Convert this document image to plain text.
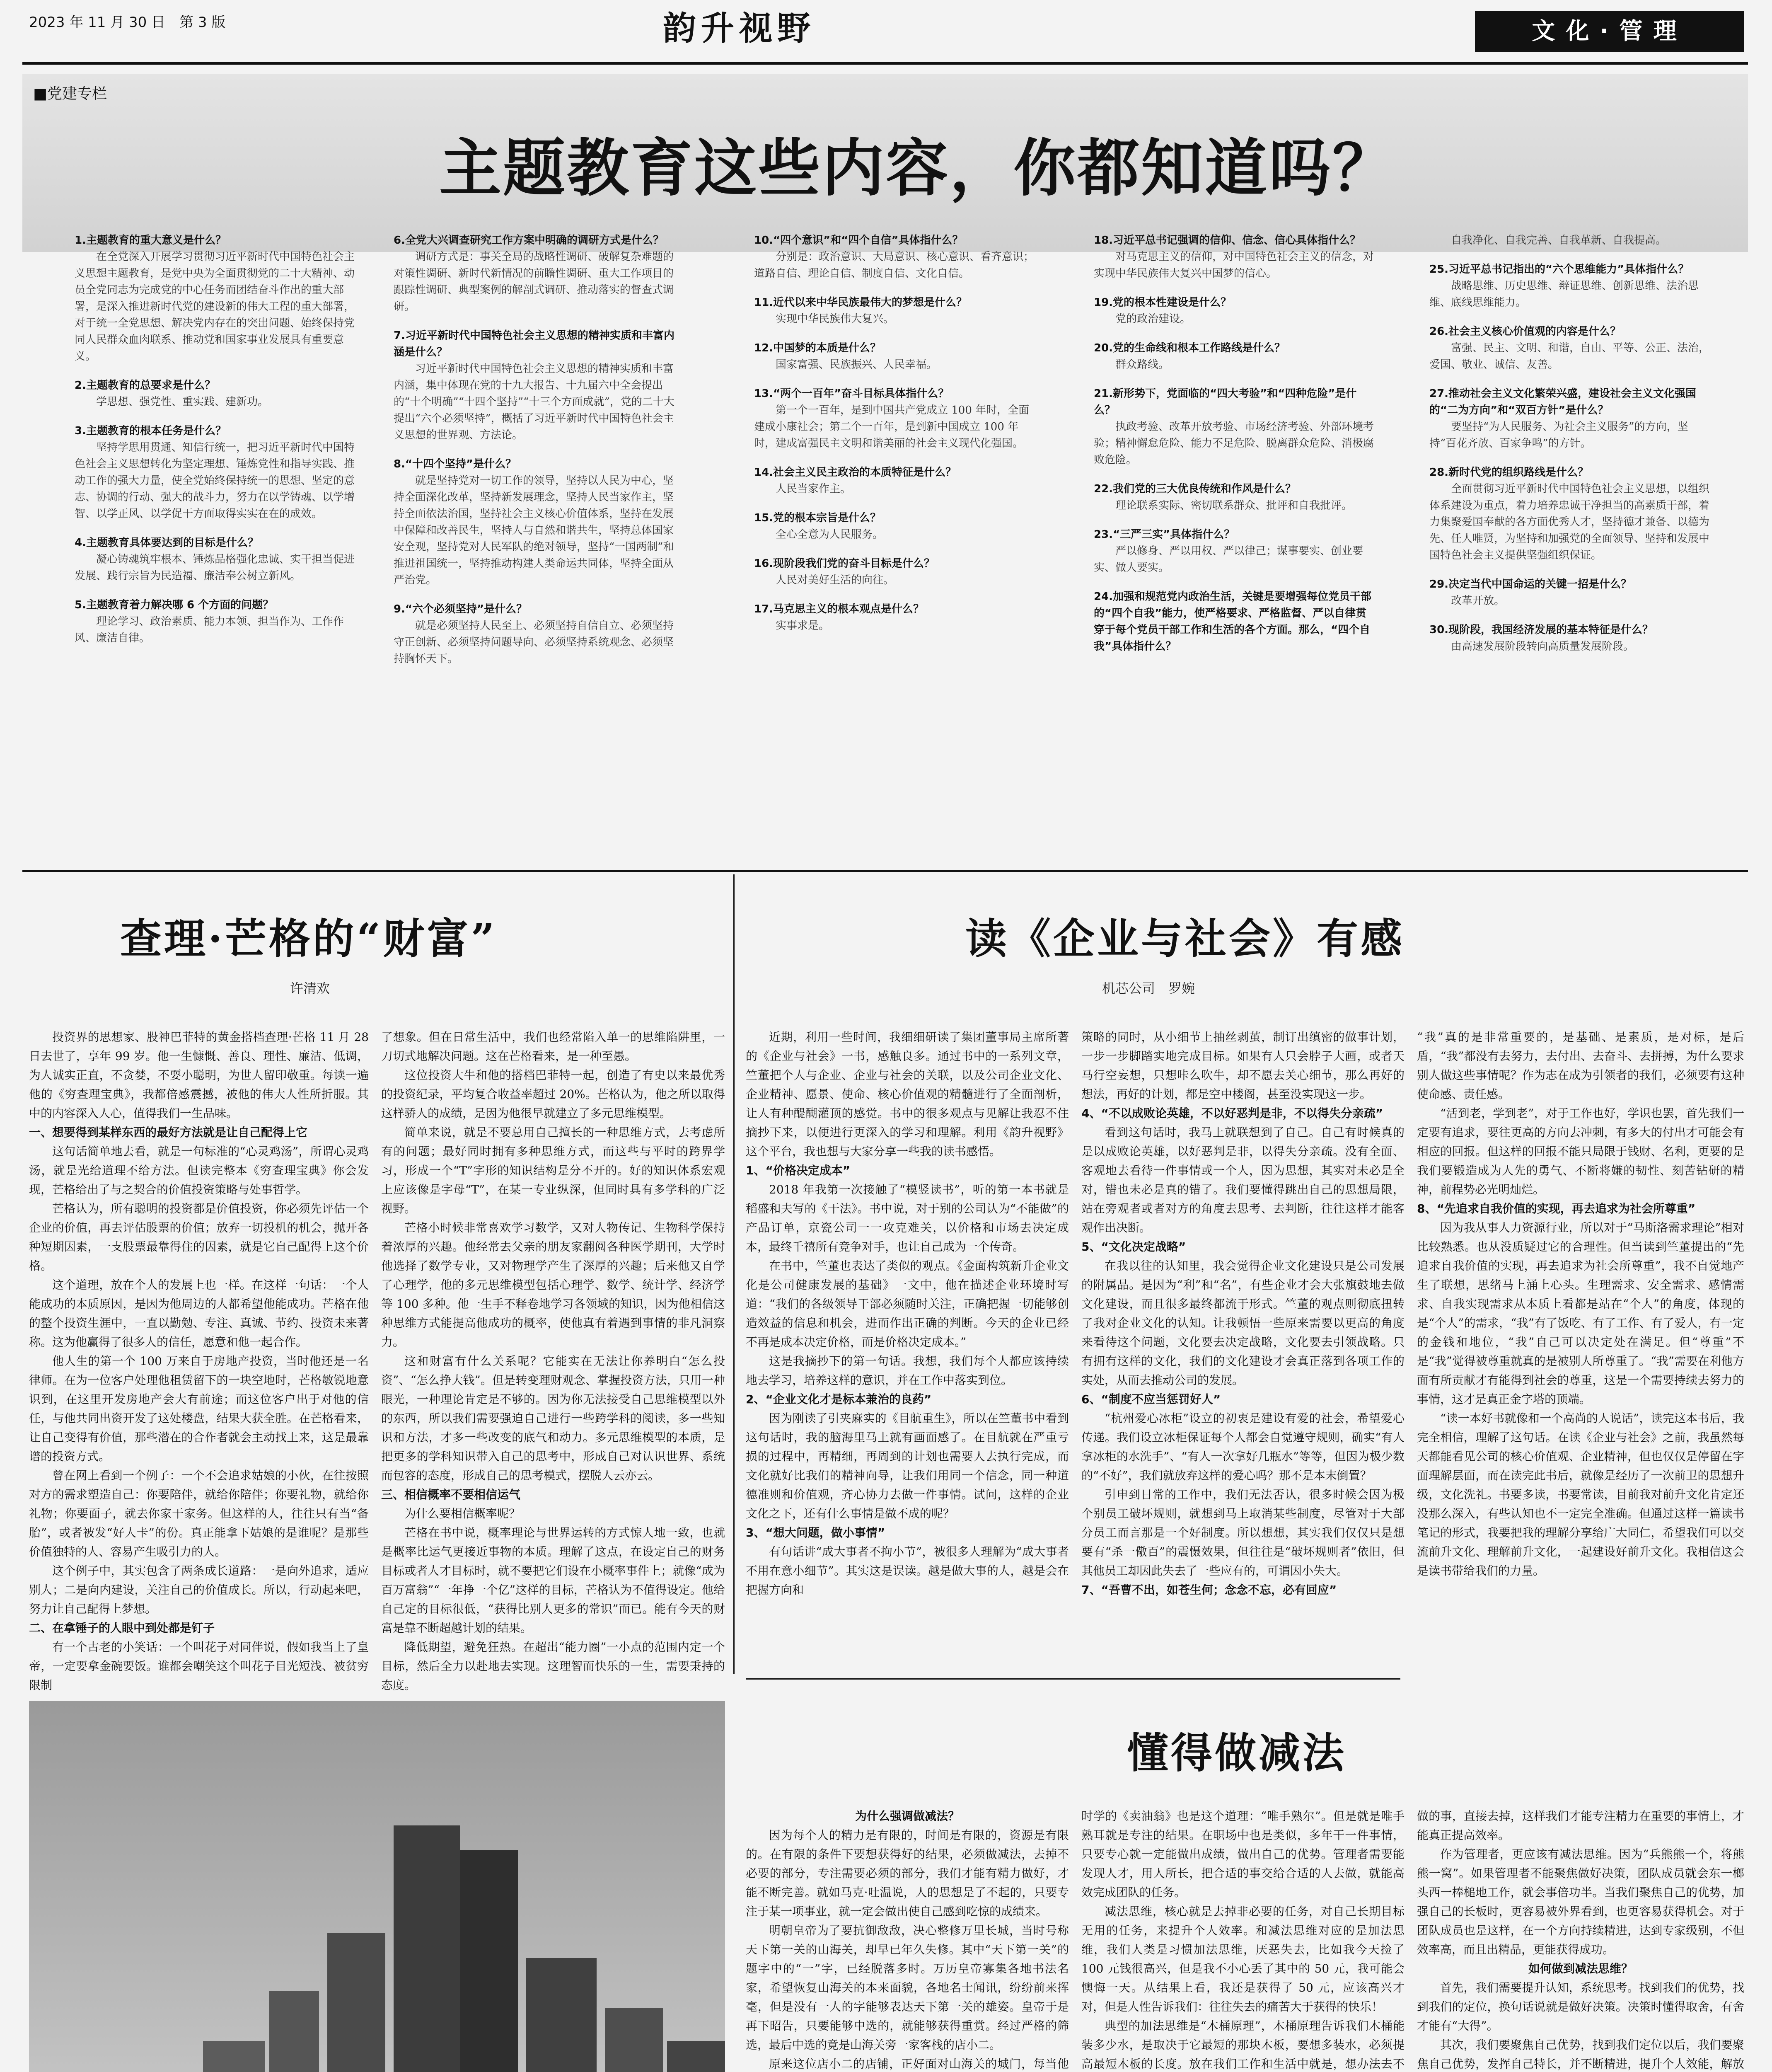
2023 年 11 月 30 日　第 3 版	韵升视野	文化·管理
■党建专栏
主题教育这些内容，你都知道吗？
1.主题教育的重大意义是什么？
在全党深入开展学习贯彻习近平新时代中国特色社会主义思想主题教育，是党中央为全面贯彻党的二十大精神、动员全党同志为完成党的中心任务而团结奋斗作出的重大部署，是深入推进新时代党的建设新的伟大工程的重大部署，对于统一全党思想、解决党内存在的突出问题、始终保持党同人民群众血肉联系、推动党和国家事业发展具有重要意义。
2.主题教育的总要求是什么？
学思想、强党性、重实践、建新功。
3.主题教育的根本任务是什么？
坚持学思用贯通、知信行统一，把习近平新时代中国特色社会主义思想转化为坚定理想、锤炼党性和指导实践、推动工作的强大力量，使全党始终保持统一的思想、坚定的意志、协调的行动、强大的战斗力，努力在以学铸魂、以学增智、以学正风、以学促干方面取得实实在在的成效。
4.主题教育具体要达到的目标是什么？
凝心铸魂筑牢根本、锤炼品格强化忠诚、实干担当促进发展、践行宗旨为民造福、廉洁奉公树立新风。
5.主题教育着力解决哪 6 个方面的问题？
理论学习、政治素质、能力本领、担当作为、工作作风、廉洁自律。
6.全党大兴调查研究工作方案中明确的调研方式是什么？
调研方式是：事关全局的战略性调研、破解复杂难题的对策性调研、新时代新情况的前瞻性调研、重大工作项目的跟踪性调研、典型案例的解剖式调研、推动落实的督查式调研。
7.习近平新时代中国特色社会主义思想的精神实质和丰富内涵是什么？
习近平新时代中国特色社会主义思想的精神实质和丰富内涵，集中体现在党的十九大报告、十九届六中全会提出的“十个明确”“十四个坚持”“十三个方面成就”，党的二十大提出“六个必须坚持”，概括了习近平新时代中国特色社会主义思想的世界观、方法论。
8.“十四个坚持”是什么？
就是坚持党对一切工作的领导，坚持以人民为中心，坚持全面深化改革，坚持新发展理念，坚持人民当家作主，坚持全面依法治国，坚持社会主义核心价值体系，坚持在发展中保障和改善民生，坚持人与自然和谐共生，坚持总体国家安全观，坚持党对人民军队的绝对领导，坚持“一国两制”和推进祖国统一，坚持推动构建人类命运共同体，坚持全面从严治党。
9.“六个必须坚持”是什么？
就是必须坚持人民至上、必须坚持自信自立、必须坚持守正创新、必须坚持问题导向、必须坚持系统观念、必须坚持胸怀天下。
10.“四个意识”和“四个自信”具体指什么？
分别是：政治意识、大局意识、核心意识、看齐意识；道路自信、理论自信、制度自信、文化自信。
11.近代以来中华民族最伟大的梦想是什么？
实现中华民族伟大复兴。
12.中国梦的本质是什么？
国家富强、民族振兴、人民幸福。
13.“两个一百年”奋斗目标具体指什么？
第一个一百年，是到中国共产党成立 100 年时，全面建成小康社会；第二个一百年，是到新中国成立 100 年时，建成富强民主文明和谐美丽的社会主义现代化强国。
14.社会主义民主政治的本质特征是什么？
人民当家作主。
15.党的根本宗旨是什么？
全心全意为人民服务。
16.现阶段我们党的奋斗目标是什么？
人民对美好生活的向往。
17.马克思主义的根本观点是什么？
实事求是。
18.习近平总书记强调的信仰、信念、信心具体指什么？
对马克思主义的信仰，对中国特色社会主义的信念，对实现中华民族伟大复兴中国梦的信心。
19.党的根本性建设是什么？
党的政治建设。
20.党的生命线和根本工作路线是什么？
群众路线。
21.新形势下，党面临的“四大考验”和“四种危险”是什么？
执政考验、改革开放考验、市场经济考验、外部环境考验；精神懈怠危险、能力不足危险、脱离群众危险、消极腐败危险。
22.我们党的三大优良传统和作风是什么？
理论联系实际、密切联系群众、批评和自我批评。
23.“三严三实”具体指什么？
严以修身、严以用权、严以律己；谋事要实、创业要实、做人要实。
24.加强和规范党内政治生活，关键是要增强每位党员干部的“四个自我”能力，使严格要求、严格监督、严以自律贯穿于每个党员干部工作和生活的各个方面。那么，“四个自我”具体指什么？
自我净化、自我完善、自我革新、自我提高。
25.习近平总书记指出的“六个思维能力”具体指什么？
战略思维、历史思维、辩证思维、创新思维、法治思维、底线思维能力。
26.社会主义核心价值观的内容是什么？
富强、民主、文明、和谐，自由、平等、公正、法治，爱国、敬业、诚信、友善。
27.推动社会主义文化繁荣兴盛，建设社会主义文化强国的“二为方向”和“双百方针”是什么？
要坚持“为人民服务、为社会主义服务”的方向，坚持“百花齐放、百家争鸣”的方针。
28.新时代党的组织路线是什么？
全面贯彻习近平新时代中国特色社会主义思想，以组织体系建设为重点，着力培养忠诚干净担当的高素质干部，着力集聚爱国奉献的各方面优秀人才，坚持德才兼备、以德为先、任人唯贤，为坚持和加强党的全面领导、坚持和发展中国特色社会主义提供坚强组织保证。
29.决定当代中国命运的关键一招是什么？
改革开放。
30.现阶段，我国经济发展的基本特征是什么？
由高速发展阶段转向高质量发展阶段。
查理·芒格的“财富”
许清欢

投资界的思想家、股神巴菲特的黄金搭档查理·芒格 11 月 28 日去世了，享年 99 岁。他一生慷慨、善良、理性、廉洁、低调，为人诚实正直，不贪婪，不耍小聪明，为世人留印敬重。每读一遍他的《穷查理宝典》，我都倍感震撼，被他的伟大人性所折服。其中的内容深入人心，值得我们一生品味。

一、想要得到某样东西的最好方法就是让自己配得上它

这句话简单地去看，就是一句标准的“心灵鸡汤”，所谓心灵鸡汤，就是光给道理不给方法。但读完整本《穷查理宝典》你会发现，芒格给出了与之契合的价值投资策略与处事哲学。

芒格认为，所有聪明的投资都是价值投资，你必须先评估一个企业的价值，再去评估股票的价值；放弃一切投机的机会，抛开各种短期因素，一支股票最靠得住的因素，就是它自己配得上这个价格。

这个道理，放在个人的发展上也一样。在这样一句话：一个人能成功的本质原因，是因为他周边的人都希望他能成功。芒格在他的整个投资生涯中，一直以勤勉、专注、真诚、节约、投资未来著称。这为他赢得了很多人的信任，愿意和他一起合作。

他人生的第一个 100 万来自于房地产投资，当时他还是一名律师。在为一位客户处理他租赁留下的一块空地时，芒格敏锐地意识到，在这里开发房地产会大有前途；而这位客户出于对他的信任，与他共同出资开发了这处楼盘，结果大获全胜。在芒格看来，让自己变得有价值，那些潜在的合作者就会主动找上来，这是最靠谱的投资方式。

曾在网上看到一个例子：一个不会追求姑娘的小伙，在往按照对方的需求塑造自己：你要陪伴，就给你陪伴；你要礼物，就给你礼物；你要面子，就去你家干家务。但这样的人，往往只有当“备胎”，或者被发“好人卡”的份。真正能拿下姑娘的是谁呢？是那些价值独特的人、容易产生吸引力的人。

这个例子中，其实包含了两条成长道路：一是向外追求，适应别人；二是向内建设，关注自己的价值成长。所以，行动起来吧，努力让自己配得上梦想。

二、在拿锤子的人眼中到处都是钉子

有一个古老的小笑话：一个叫花子对同伴说，假如我当上了皇帝，一定要拿金碗要饭。谁都会嘲笑这个叫花子目光短浅、被贫穷限制

了想象。但在日常生活中，我们也经常陷入单一的思维陷阱里，一刀切式地解决问题。这在芒格看来，是一种至愚。

这位投资大牛和他的搭档巴菲特一起，创造了有史以来最优秀的投资纪录，平均复合收益率超过 20%。芒格认为，他之所以取得这样骄人的成绩，是因为他很早就建立了多元思维模型。

简单来说，就是不要总用自己擅长的一种思维方式，去考虑所有的问题；最好同时拥有多种思维方式，而这些与平时的跨界学习，形成一个“T”字形的知识结构是分不开的。好的知识体系宏观上应该像是字母“T”，在某一专业纵深，但同时具有多学科的广泛视野。

芒格小时候非常喜欢学习数学，又对人物传记、生物科学保持着浓厚的兴趣。他经常去父亲的朋友家翻阅各种医学期刊，大学时他选择了数学专业，又对物理学产生了深厚的兴趣；后来他又自学了心理学，他的多元思维模型包括心理学、数学、统计学、经济学等 100 多种。他一生手不释卷地学习各领域的知识，因为他相信这种思维方式能提高他成功的概率，使他真有着遇到事情的非凡洞察力。

这和财富有什么关系呢？它能实在无法让你养明白“怎么投资”、“怎么挣大钱”。但是转变理财观念、掌握投资方法，只用一种眼光，一种理论肯定是不够的。因为你无法接受自己思维模型以外的东西，所以我们需要强迫自己进行一些跨学科的阅读，多一些知识和方法，才多一些改变的底气和动力。多元思维模型的本质，是把更多的学科知识带入自己的思考中，形成自己对认识世界、系统而包容的态度，形成自己的思考模式，摆脱人云亦云。

三、相信概率不要相信运气

为什么要相信概率呢？

芒格在书中说，概率理论与世界运转的方式惊人地一致，也就是概率比运气更接近事物的本质。理解了这点，在设定自己的财务目标或者人才目标时，就不要把它们设在小概率事件上；就像“成为百万富翁”“一年挣一个亿”这样的目标，芒格认为不值得设定。他给自己定的目标很低，“获得比别人更多的常识”而已。能有今天的财富是靠不断超越计划的结果。

降低期望，避免狂热。在超出“能力圈”一小点的范围内定一个目标，然后全力以赴地去实现。这理智而快乐的一生，需要秉持的态度。

读《企业与社会》有感
机芯公司　罗婉

近期，利用一些时间，我细细研读了集团董事局主席所著的《企业与社会》一书，感触良多。通过书中的一系列文章，竺董把个人与企业、企业与社会的关联，以及公司企业文化、企业精神、愿景、使命、核心价值观的精髓进行了全面剖析，让人有种醍醐灌顶的感觉。书中的很多观点与见解让我忍不住摘抄下来，以便进行更深入的学习和理解。利用《韵升视野》这个平台，我也想与大家分享一些我的读书感悟。

1、“价格决定成本”

2018 年我第一次接触了“模竖读书”，听的第一本书就是稻盛和夫写的《干法》。书中说，对于别的公司认为“不能做”的产品订单，京瓷公司一一攻克难关，以价格和市场去决定成本，最终千禧所有竞争对手，也让自己成为一个传奇。

在书中，竺董也表达了类似的观点。《金面构筑新升企业文化是公司健康发展的基础》一文中，他在描述企业环境时写道：“我们的各级领导干部必须随时关注，正确把握一切能够创造效益的信息和机会，进而作出正确的判断。今天的企业已经不再是成本决定价格，而是价格决定成本。”

这是我摘抄下的第一句话。我想，我们每个人都应该持续地去学习，培养这样的意识，并在工作中落实到位。

2、“企业文化才是标本兼治的良药”

因为刚读了引夹麻实的《目航重生》，所以在竺董书中看到这句话时，我的脑海里马上就有画面感了。在目航就在严重亏损的过程中，再精细，再周到的计划也需要人去执行完成，而文化就好比我们的精神向导，让我们用同一个信念，同一种道德准则和价值观，齐心协力去做一件事情。试问，这样的企业文化之下，还有什么事情是做不成的呢？

3、“想大问题，做小事情”

有句话讲“成大事者不拘小节”，被很多人理解为“成大事者不用在意小细节”。其实这是误读。越是做大事的人，越是会在把握方向和

策略的同时，从小细节上抽丝剥茧，制订出缜密的做事计划，一步一步脚踏实地完成目标。如果有人只会脖子大画，或者天马行空妄想，只想咔么吹牛，却不愿去关心细节，那么再好的想法，再好的计划，都是空中楼阁，甚至没实现这一步。

4、“不以成败论英雄，不以好恶判是非，不以得失分亲疏”

看到这句话时，我马上就联想到了自己。自己有时候真的是以成败论英雄，以好恶判是非，以得失分亲疏。没有全面、客观地去看待一件事情或一个人，因为思想，其实对未必是全对，错也未必是真的错了。我们要懂得跳出自己的思想局限，站在旁观者或者对方的角度去思考、去判断，往往这样才能客观作出决断。

5、“文化决定战略”

在我以往的认知里，我会觉得企业文化建设只是公司发展的附属品。是因为“利”和“名”，有些企业才会大张旗鼓地去做文化建设，而且很多最终都流于形式。竺董的观点则彻底扭转了我对企业文化的认知。让我顿悟一些原来需要以更高的角度来看待这个问题，文化要去决定战略，文化要去引领战略。只有拥有这样的文化，我们的文化建设才会真正落到各项工作的实处，从而去推动公司的发展。

6、“制度不应当惩罚好人”

“杭州爱心冰柜”设立的初衷是建设有爱的社会，希望爱心传递。我们设立冰柜保证每个人都会自觉遵守规则，确实“有人拿冰柜的水洗手”、“有人一次拿好几瓶水”等等，但因为极少数的“不好”，我们就放弃这样的爱心吗？那不是本末倒置？

引申到日常的工作中，我们无法否认，很多时候会因为极个别员工破坏规则，就想到马上取消某些制度，尽管对于大部分员工而言那是一个好制度。所以想想，其实我们仅仅只是想要有“杀一儆百”的震慑效果，但往往是“破坏规则者”依旧，但其他员工却因此失去了一些应有的，可谓因小失大。

7、“吾曹不出，如苍生何；念念不忘，必有回应”

“我”真的是非常重要的，是基础、是素质，是对标，是后盾，“我”都没有去努力，去付出、去奋斗、去拼搏，为什么要求别人做这些事情呢？作为志在成为引领者的我们，必须要有这种使命感、责任感。

“活到老，学到老”，对于工作也好，学识也罢，首先我们一定要有追求，要往更高的方向去冲刺，有多大的付出才可能会有相应的回报。但这样的回报不能只局限于钱财、名利，更要的是我们要锻造成为人先的勇气、不断将嫌的韧性、刻苦钻研的精神，前程势必光明灿烂。

8、“先追求自我价值的实现，再去追求为社会所尊重”

因为我从事人力资源行业，所以对于“马斯洛需求理论”相对比较熟悉。也从没质疑过它的合理性。但当读到竺董提出的“先追求自我价值的实现，再去追求为社会所尊重”，我不自觉地产生了联想，思绪马上涌上心头。生理需求、安全需求、感情需求、自我实现需求从本质上看都是站在“个人”的角度，体现的是“个人”的需求，“我”有了饭吃、有了工作、有了爱人，有一定的金钱和地位，“我”自己可以决定处在满足。但“尊重”不是“我”觉得被尊重就真的是被别人所尊重了。“我”需要在利他方面有所贡献才有能得到社会的尊重，这是一个需要持续去努力的事情，这才是真正金字塔的顶端。

“读一本好书就像和一个高尚的人说话”，读完这本书后，我完全相信，理解了这句话。在读《企业与社会》之前，我虽然每天都能看见公司的核心价值观、企业精神，但也仅仅是停留在字面理解层面，而在读完此书后，就像是经历了一次前卫的思想升级，文化洗礼。书要多读，书要常读，目前我对前升文化肯定还没那么深入，有些认知也不一定完全准确。但通过这样一篇读书笔记的形式，我要把我的理解分享给广大同仁，希望我们可以交流前升文化、理解前升文化，一起建设好前升文化。我相信这会是读书带给我们的力量。

懂得做减法

为什么强调做减法？

因为每个人的精力是有限的，时间是有限的，资源是有限的。在有限的条件下要想获得好的结果，必须做减法，去掉不必要的部分，专注需要必须的部分，我们才能有精力做好，才能不断完善。就如马克·吐温说，人的思想是了不起的，只要专注于某一项事业，就一定会做出使自己感到吃惊的成绩来。

明朝皇帝为了要抗御敌敌，决心整修万里长城，当时号称天下第一关的山海关，却早已年久失修。其中“天下第一关”的题字中的“一”字，已经脱落多时。万历皇帝寡集各地书法名家，希望恢复山海关的本来面貌，各地名士闻讯，纷纷前来挥毫，但是没有一人的字能够表达天下第一关的雄姿。皇帝于是再下昭告，只要能够中选的，就能够获得重赏。经过严格的筛选，最后中选的竟是山海关旁一家客栈的店小二。

原来这位店小二的店铺，正好面对山海关的城门，每当他

时学的《卖油翁》也是这个道理：“唯手熟尔”。但是就是唯手熟耳就是专注的结果。在职场中也是类似，多年干一件事情，只要专心就一定能做出成绩，做出自己的优势。管理者需要能发现人才，用人所长，把合适的事交给合适的人去做，就能高效完成团队的任务。

减法思维，核心就是去掉非必要的任务，对自己长期目标无用的任务，来提升个人效率。和减法思维对应的是加法思维，我们人类是习惯加法思维，厌恶失去，比如我今天捡了 100 元钱很高兴，但是我不小心丢了其中的 50 元，我可能会懊悔一天。从结果上看，我还是获得了 50 元，应该高兴才对，但是人性告诉我们：往往失去的痛苦大于获得的快乐！

典型的加法思维是“木桶原理”，木桶原理告诉我们木桶能装多少水，是取决于它最短的那块木板，要想多装水，必须提高最短木板的长度。放在我们工作和生活中就是，想办法去不

做的事，直接去掉，这样我们才能专注精力在重要的事情上，才能真正提高效率。

作为管理者，更应该有减法思维。因为“兵熊熊一个，将熊熊一窝”。如果管理者不能聚焦做好决策，团队成员就会东一榔头西一棒槌地工作，就会事倍功半。当我们聚焦自己的优势，加强自己的长板时，更容易被外界看到，也更容易获得机会。对于团队成员也是这样，在一个方向持续精进，达到专家级别，不但效率高，而且出精品，更能获得成功。

如何做到减法思维？

首先，我们需要提升认知，系统思考。找到我们的优势，找到我们的定位，换句话说就是做好决策。决策时懂得取舍，有舍才能有“大得”。

其次，我们要聚焦自己优势，找到我们定位以后，我们要聚焦自己优势，发挥自己特长，并不断精进，提升个人效能，解放
